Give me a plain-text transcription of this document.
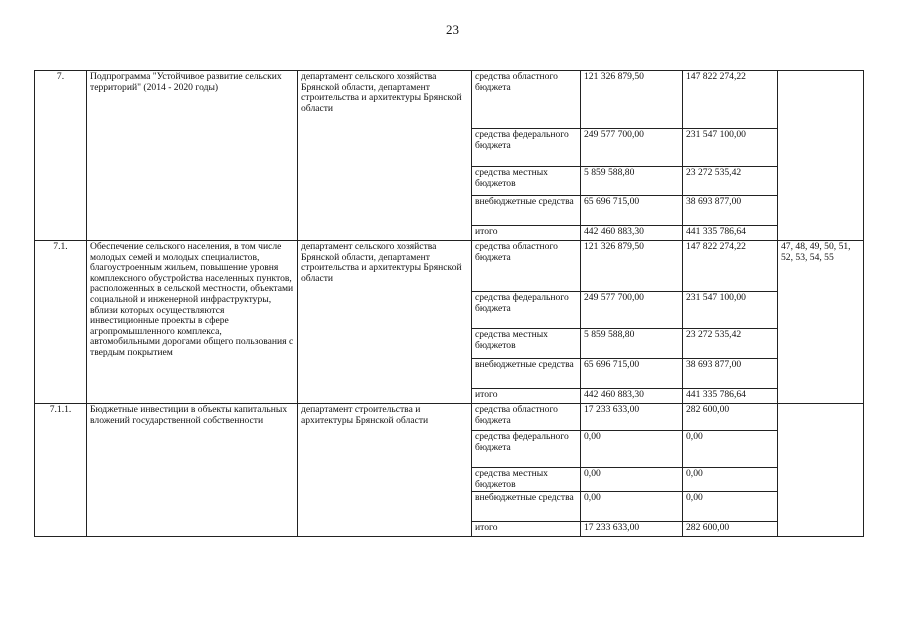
23
7.	Подпрограмма "Устойчивое развитие сельских территорий" (2014 - 2020 годы)	департамент сельского хозяйства Брянской области, департамент строительства и архитектуры Брянской области	средства областного бюджета	121 326 879,50	147 822 274,22	
			средства федерального бюджета	249 577 700,00	231 547 100,00	
			средства местных бюджетов	5 859 588,80	23 272 535,42	
			внебюджетные средства	65 696 715,00	38 693 877,00	
			итого	442 460 883,30	441 335 786,64	
7.1.	Обеспечение сельского населения, в том числе молодых семей и молодых специалистов, благоустроенным жильем, повышение уровня комплексного обустройства населенных пунктов, расположенных в сельской местности, объектами социальной и инженерной инфраструктуры, вблизи которых осуществляются инвестиционные проекты в сфере агропромышленного комплекса, автомобильными дорогами общего пользования с твердым покрытием	департамент сельского хозяйства Брянской области, департамент строительства и архитектуры Брянской области	средства областного бюджета	121 326 879,50	147 822 274,22	47, 48, 49, 50, 51, 52, 53, 54, 55
			средства федерального бюджета	249 577 700,00	231 547 100,00	
			средства местных бюджетов	5 859 588,80	23 272 535,42	
			внебюджетные средства	65 696 715,00	38 693 877,00	
			итого	442 460 883,30	441 335 786,64	
7.1.1.	Бюджетные инвестиции в объекты капитальных вложений государственной собственности	департамент строительства и архитектуры Брянской области	средства областного бюджета	17 233 633,00	282 600,00	
			средства федерального бюджета	0,00	0,00	
			средства местных бюджетов	0,00	0,00	
			внебюджетные средства	0,00	0,00	
			итого	17 233 633,00	282 600,00	
